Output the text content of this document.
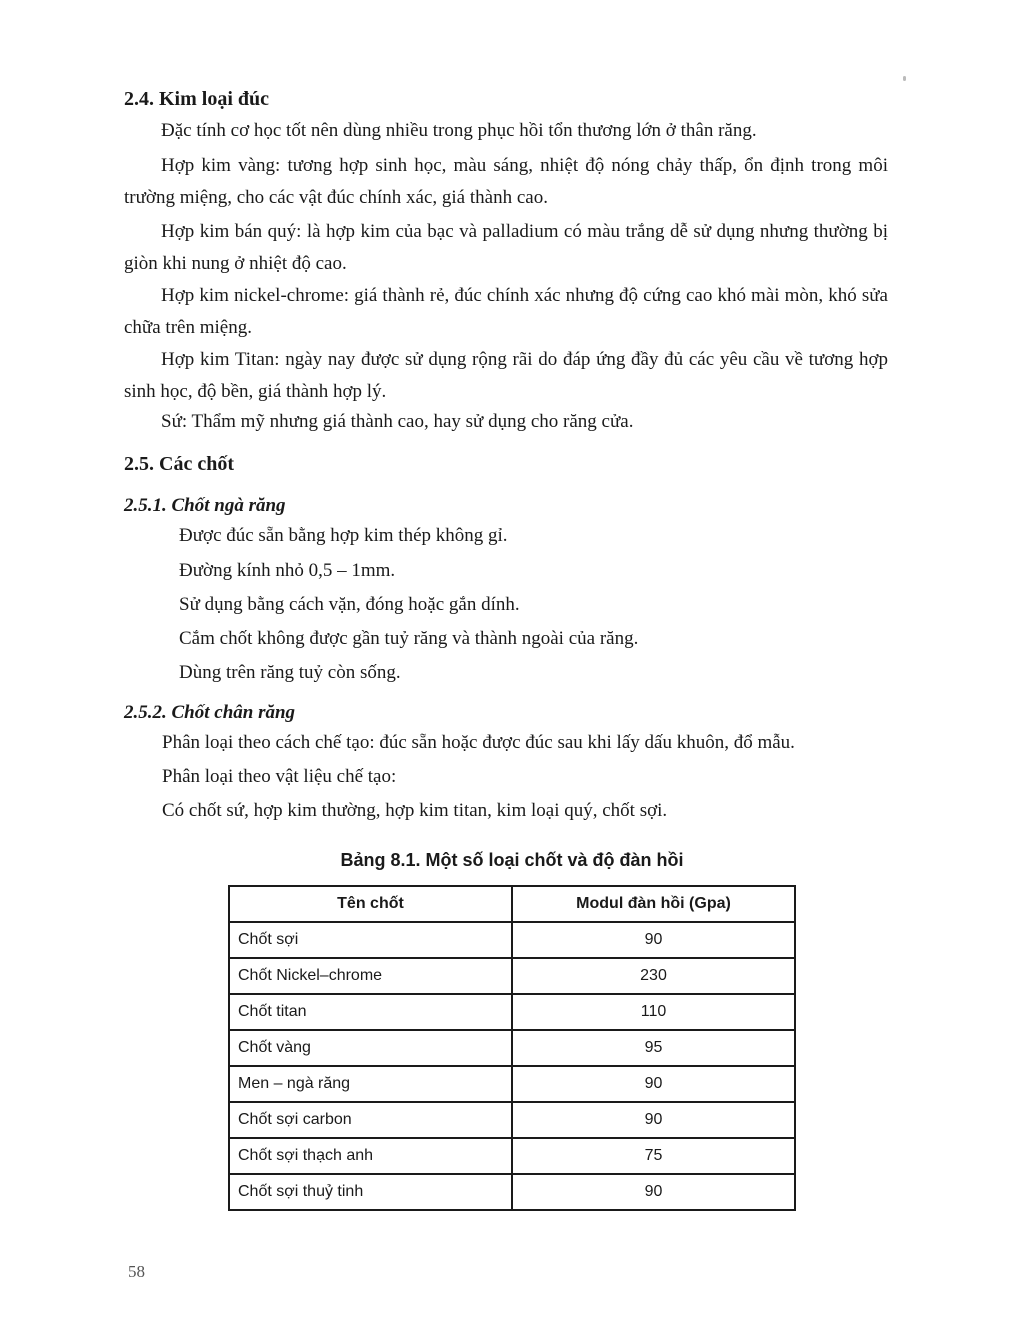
2.4. Kim loại đúc
Đặc tính cơ học tốt nên dùng nhiều trong phục hồi tổn thương lớn ở thân răng.
Hợp kim vàng: tương hợp sinh học, màu sáng, nhiệt độ nóng chảy thấp, ổn định trong môi trường miệng, cho các vật đúc chính xác, giá thành cao.
Hợp kim bán quý: là hợp kim của bạc và palladium có màu trắng dễ sử dụng nhưng thường bị giòn khi nung ở nhiệt độ cao.
Hợp kim nickel-chrome: giá thành rẻ, đúc chính xác nhưng độ cứng cao khó mài mòn, khó sửa chữa trên miệng.
Hợp kim Titan: ngày nay được sử dụng rộng rãi do đáp ứng đầy đủ các yêu cầu về tương hợp sinh học, độ bền, giá thành hợp lý.
Sứ: Thẩm mỹ nhưng giá thành cao, hay sử dụng cho răng cửa.
2.5. Các chốt
2.5.1. Chốt ngà răng
Được đúc sẵn bằng hợp kim thép không gỉ.
Đường kính nhỏ 0,5 – 1mm.
Sử dụng bằng cách vặn, đóng hoặc gắn dính.
Cắm chốt không được gần tuỷ răng và thành ngoài của răng.
Dùng trên răng tuỷ còn sống.
2.5.2. Chốt chân răng
Phân loại theo cách chế tạo: đúc sẵn hoặc được đúc sau khi lấy dấu khuôn, đổ mẫu.
Phân loại theo vật liệu chế tạo:
Có chốt sứ, hợp kim thường, hợp kim titan, kim loại quý, chốt sợi.
Bảng 8.1. Một số loại chốt và độ đàn hồi
Tên chốt	Modul đàn hồi (Gpa)
Chốt sợi	90
Chốt Nickel–chrome	230
Chốt titan	110
Chốt vàng	95
Men – ngà răng	90
Chốt sợi carbon	90
Chốt sợi thạch anh	75
Chốt sợi thuỷ tinh	90
58
